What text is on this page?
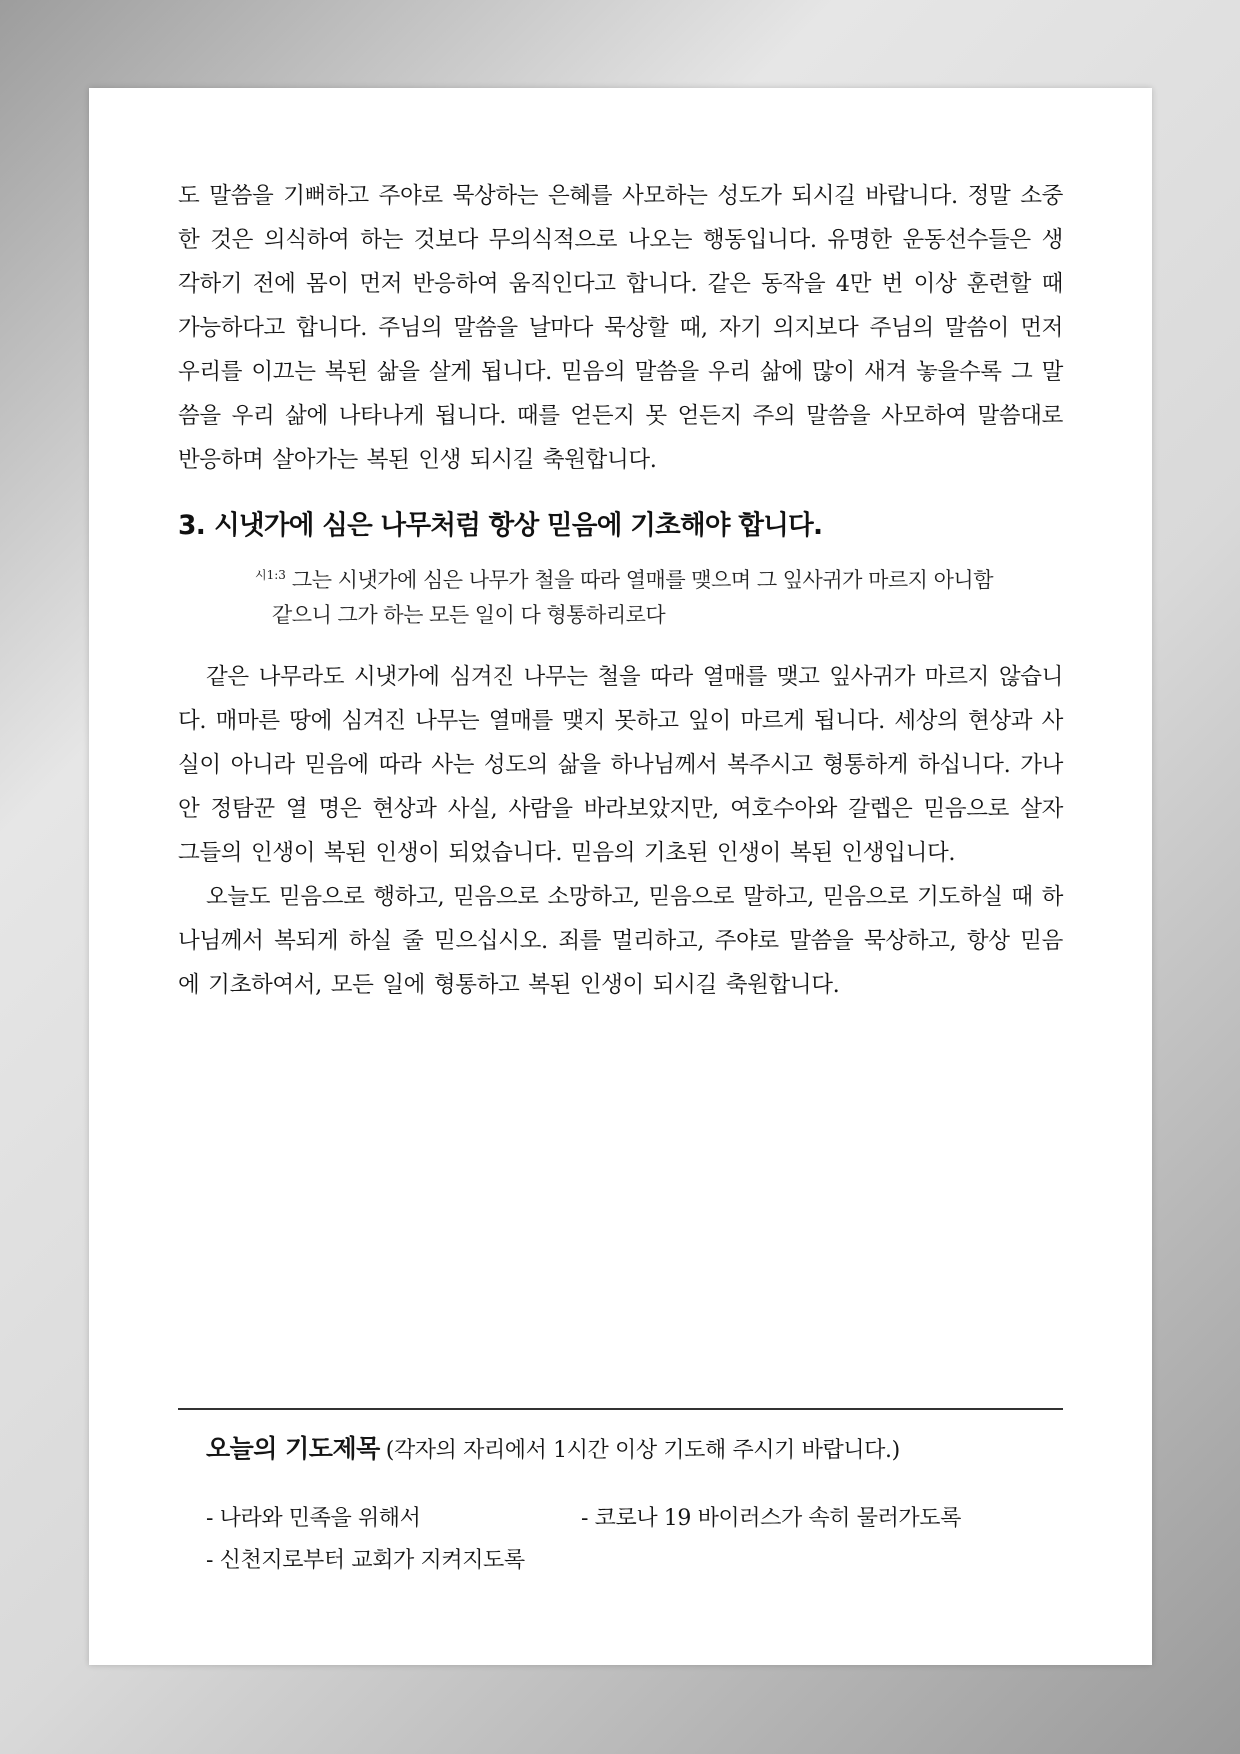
도 말씀을 기뻐하고 주야로 묵상하는 은혜를 사모하는 성도가 되시길 바랍니다. 정말 소중한 것은 의식하여 하는 것보다 무의식적으로 나오는 행동입니다. 유명한 운동선수들은 생각하기 전에 몸이 먼저 반응하여 움직인다고 합니다. 같은 동작을 4만 번 이상 훈련할 때 가능하다고 합니다. 주님의 말씀을 날마다 묵상할 때, 자기 의지보다 주님의 말씀이 먼저 우리를 이끄는 복된 삶을 살게 됩니다. 믿음의 말씀을 우리 삶에 많이 새겨 놓을수록 그 말씀을 우리 삶에 나타나게 됩니다. 때를 얻든지 못 얻든지 주의 말씀을 사모하여 말씀대로 반응하며 살아가는 복된 인생 되시길 축원합니다.

3. 시냇가에 심은 나무처럼 항상 믿음에 기초해야 합니다.

$^{시1:3}$ 그는 시냇가에 심은 나무가 철을 따라 열매를 맺으며 그 잎사귀가 마르지 아니함 같으니 그가 하는 모든 일이 다 형통하리로다

같은 나무라도 시냇가에 심겨진 나무는 철을 따라 열매를 맺고 잎사귀가 마르지 않습니다. 매마른 땅에 심겨진 나무는 열매를 맺지 못하고 잎이 마르게 됩니다. 세상의 현상과 사실이 아니라 믿음에 따라 사는 성도의 삶을 하나님께서 복주시고 형통하게 하십니다. 가나안 정탐꾼 열 명은 현상과 사실, 사람을 바라보았지만, 여호수아와 갈렙은 믿음으로 살자 그들의 인생이 복된 인생이 되었습니다. 믿음의 기초된 인생이 복된 인생입니다.

오늘도 믿음으로 행하고, 믿음으로 소망하고, 믿음으로 말하고, 믿음으로 기도하실 때 하나님께서 복되게 하실 줄 믿으십시오. 죄를 멀리하고, 주야로 말씀을 묵상하고, 항상 믿음에 기초하여서, 모든 일에 형통하고 복된 인생이 되시길 축원합니다.

오늘의 기도제목 (각자의 자리에서 1시간 이상 기도해 주시기 바랍니다.)
- 나라와 민족을 위해서
-	코로나 19 바이러스가 속히 물러가도록
- 신천지로부터 교회가 지켜지도록
